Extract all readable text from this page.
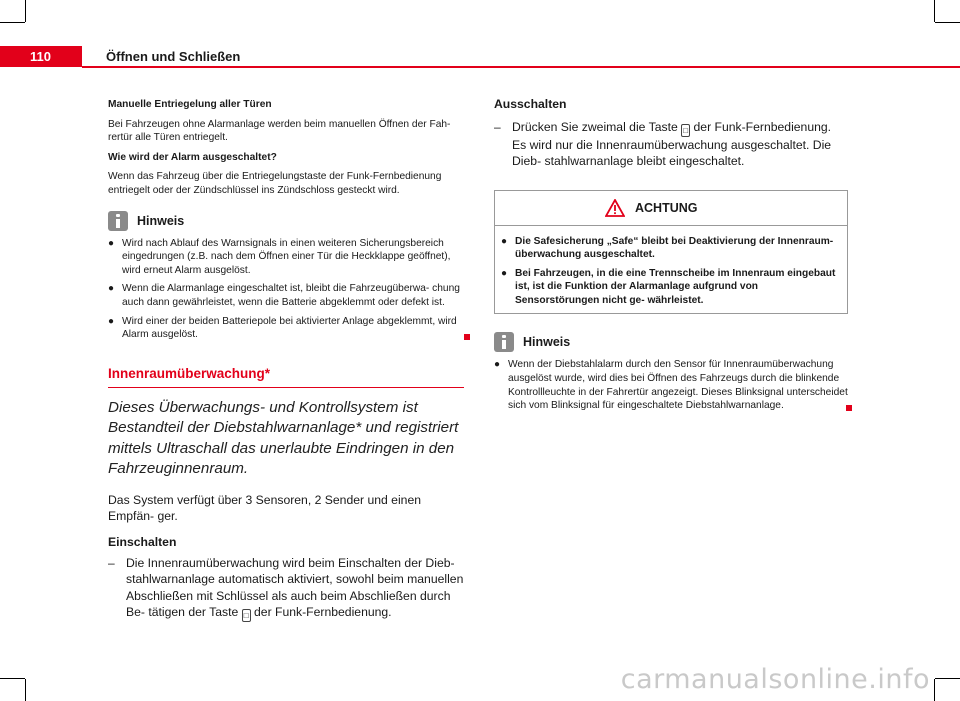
110	Öffnen und Schließen
Manuelle Entriegelung aller Türen
Bei Fahrzeugen ohne Alarmanlage werden beim manuellen Öffnen der Fah- rertür alle Türen entriegelt.
Wie wird der Alarm ausgeschaltet?
Wenn das Fahrzeug über die Entriegelungstaste der Funk-Fernbedienung entriegelt oder der Zündschlüssel ins Zündschloss gesteckt wird.
Hinweis
● Wird nach Ablauf des Warnsignals in einen weiteren Sicherungsbereich eingedrungen (z.B. nach dem Öffnen einer Tür die Heckklappe geöffnet), wird erneut Alarm ausgelöst.
● Wenn die Alarmanlage eingeschaltet ist, bleibt die Fahrzeugüberwa- chung auch dann gewährleistet, wenn die Batterie abgeklemmt oder defekt ist.
● Wird einer der beiden Batteriepole bei aktivierter Anlage abgeklemmt, wird Alarm ausgelöst.
Innenraumüberwachung*
Dieses Überwachungs- und Kontrollsystem ist Bestandteil der Diebstahlwarnanlage* und registriert mittels Ultraschall das unerlaubte Eindringen in den Fahrzeuginnenraum.
Das System verfügt über 3 Sensoren, 2 Sender und einen Empfän- ger.
Einschalten
– Die Innenraumüberwachung wird beim Einschalten der Dieb- stahlwarnanlage automatisch aktiviert, sowohl beim manuellen Abschließen mit Schlüssel als auch beim Abschließen durch Be- tätigen der Taste □ der Funk-Fernbedienung.
Ausschalten
– Drücken Sie zweimal die Taste □ der Funk-Fernbedienung. Es wird nur die Innenraumüberwachung ausgeschaltet. Die Dieb- stahlwarnanlage bleibt eingeschaltet.
ACHTUNG
● Die Safesicherung „Safe“ bleibt bei Deaktivierung der Innenraum- überwachung ausgeschaltet.
● Bei Fahrzeugen, in die eine Trennscheibe im Innenraum eingebaut ist, ist die Funktion der Alarmanlage aufgrund von Sensorstörungen nicht ge- währleistet.
Hinweis
● Wenn der Diebstahlalarm durch den Sensor für Innenraumüberwachung ausgelöst wurde, wird dies bei Öffnen des Fahrzeugs durch die blinkende Kontrollleuchte in der Fahrertür angezeigt. Dieses Blinksignal unterscheidet sich vom Blinksignal für eingeschaltete Diebstahlwarnanlage.
carmanualsonline.info
